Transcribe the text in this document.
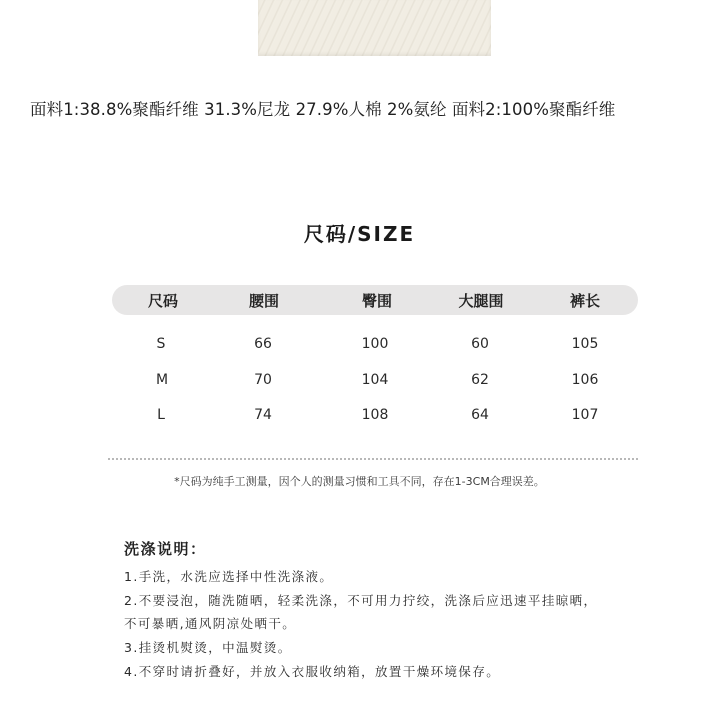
面料1:38.8%聚酯纤维 31.3%尼龙 27.9%人棉 2%氨纶 面料2:100%聚酯纤维
尺码/SIZE
尺码	腰围	臀围	大腿围	裤长
S	66	100	60	105
M	70	104	62	106
L	74	108	64	107
*尺码为纯手工测量，因个人的测量习惯和工具不同，存在1-3CM合理误差。
洗涤说明：
1.手洗，水洗应选择中性洗涤液。
2.不要浸泡，随洗随晒，轻柔洗涤，不可用力拧绞，洗涤后应迅速平挂晾晒，
不可暴晒,通风阴凉处晒干。
3.挂烫机熨烫，中温熨烫。
4.不穿时请折叠好，并放入衣服收纳箱，放置干燥环境保存。
